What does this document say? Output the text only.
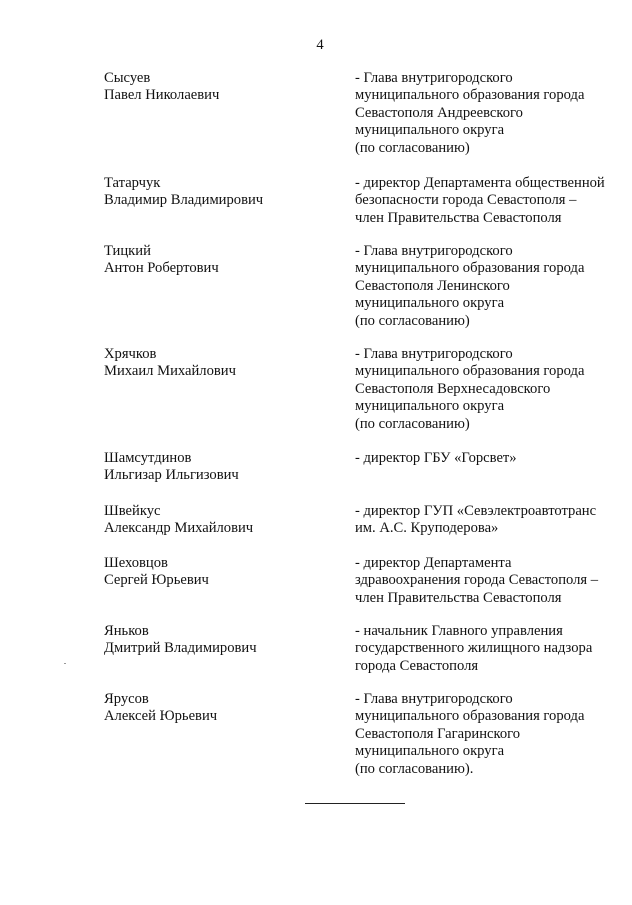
4
Сысуев
Павел Николаевич
- Глава внутригородского
муниципального образования города
Севастополя Андреевского
муниципального округа
(по согласованию)
Татарчук
Владимир Владимирович
- директор Департамента общественной
безопасности города Севастополя –
член Правительства Севастополя
Тицкий
Антон Робертович
- Глава внутригородского
муниципального образования города
Севастополя Ленинского
муниципального округа
(по согласованию)
Хрячков
Михаил Михайлович
- Глава внутригородского
муниципального образования города
Севастополя Верхнесадовского
муниципального округа
(по согласованию)
Шамсутдинов
Ильгизар Ильгизович
- директор ГБУ «Горсвет»
Швейкус
Александр Михайлович
- директор ГУП «Севэлектроавтотранс
им. А.С. Круподерова»
Шеховцов
Сергей Юрьевич
- директор Департамента
здравоохранения города Севастополя –
член Правительства Севастополя
Яньков
Дмитрий Владимирович
- начальник Главного управления
государственного жилищного надзора
города Севастополя
Ярусов
Алексей Юрьевич
- Глава внутригородского
муниципального образования города
Севастополя Гагаринского
муниципального округа
(по согласованию).
